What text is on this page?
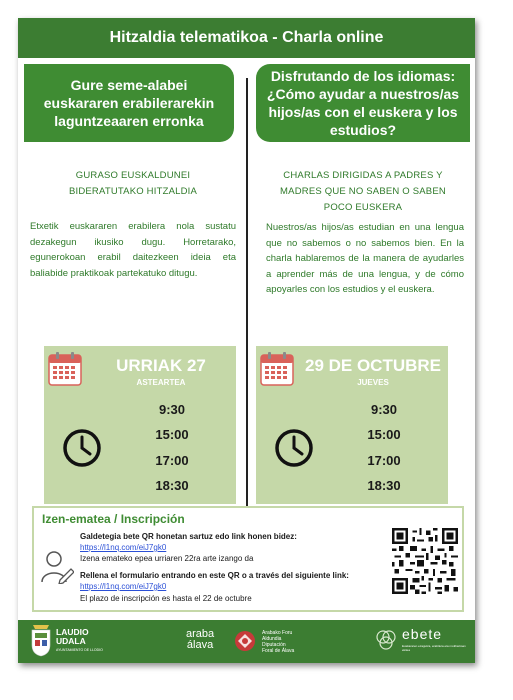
Hitzaldia telematikoa - Charla online
Gure seme-alabei
euskararen erabilerarekin
laguntzeaaren erronka
GURASO EUSKALDUNEI
BIDERATUTAKO HITZALDIA
Etxetik euskararen erabilera nola sustatu dezakegun ikusiko dugu. Horretarako, egunerokoan erabil daitezkeen ideia eta baliabide praktikoak partekatuko ditugu.
URRIAK 27
ASTEARTEA
9:30
15:00
17:00
18:30
Disfrutando de los idiomas:
¿Cómo ayudar a nuestros/as
hijos/as con el euskera y los
estudios?
CHARLAS DIRIGIDAS A PADRES Y
MADRES QUE NO SABEN O SABEN
POCO EUSKERA
Nuestros/as hijos/as estudian en una lengua que no sabemos o no sabemos bien. En la charla hablaremos de la manera de ayudarles a aprender más de una lengua, y de cómo apoyarles con los estudios y el euskera.
29 DE OCTUBRE
JUEVES
9:30
15:00
17:00
18:30
Izen-ematea / Inscripción
Galdetegia bete QR honetan sartuz edo link honen bidez:
https://l1nq.com/eiJ7gk0
Izena emateko epea urriaren 22ra arte izango da
Rellena el formulario entrando en este QR o a través del siguiente link:
https://l1nq.com/eiJ7gk0
El plazo de inscripción es hasta el 22 de octubre
LAUDIO
UDALA
AYUNTAMIENTO DE LLODIO
araba
álava
Arabako Foru
Aldundia
Diputación
Foral de Álava
ebete
Euskararen ezagutza, erabilera eta motibazioan ekitea
